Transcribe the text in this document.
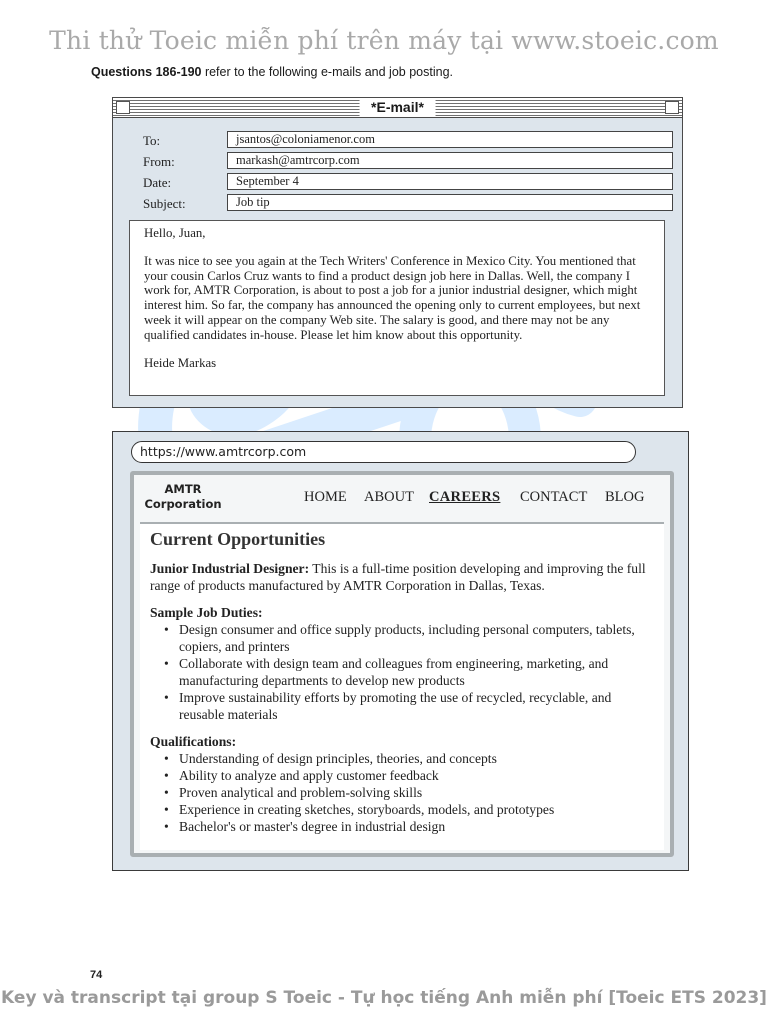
Thi thử Toeic miễn phí trên máy tại www.stoeic.com
Questions 186-190 refer to the following e-mails and job posting.
*E-mail*
To:	jsantos@coloniamenor.com
From:	markash@amtrcorp.com
Date:	September 4
Subject:	Job tip

Hello, Juan,

It was nice to see you again at the Tech Writers' Conference in Mexico City. You mentioned that your cousin Carlos Cruz wants to find a product design job here in Dallas. Well, the company I work for, AMTR Corporation, is about to post a job for a junior industrial designer, which might interest him. So far, the company has announced the opening only to current employees, but next week it will appear on the company Web site. The salary is good, and there may not be any qualified candidates in-house. Please let him know about this opportunity.

Heide Markas

https://www.amtrcorp.com
AMTR
Corporation	HOME ABOUT CAREERS CONTACT BLOG
Current Opportunities

Junior Industrial Designer: This is a full-time position developing and improving the full range of products manufactured by AMTR Corporation in Dallas, Texas.

Sample Job Duties:

• Design consumer and office supply products, including personal computers, tablets, copiers, and printers
• Collaborate with design team and colleagues from engineering, marketing, and manufacturing departments to develop new products
• Improve sustainability efforts by promoting the use of recycled, recyclable, and reusable materials

Qualifications:

• Understanding of design principles, theories, and concepts
• Ability to analyze and apply customer feedback
• Proven analytical and problem-solving skills
• Experience in creating sketches, storyboards, models, and prototypes
• Bachelor's or master's degree in industrial design
74
Key và transcript tại group S Toeic - Tự học tiếng Anh miễn phí [Toeic ETS 2023]
